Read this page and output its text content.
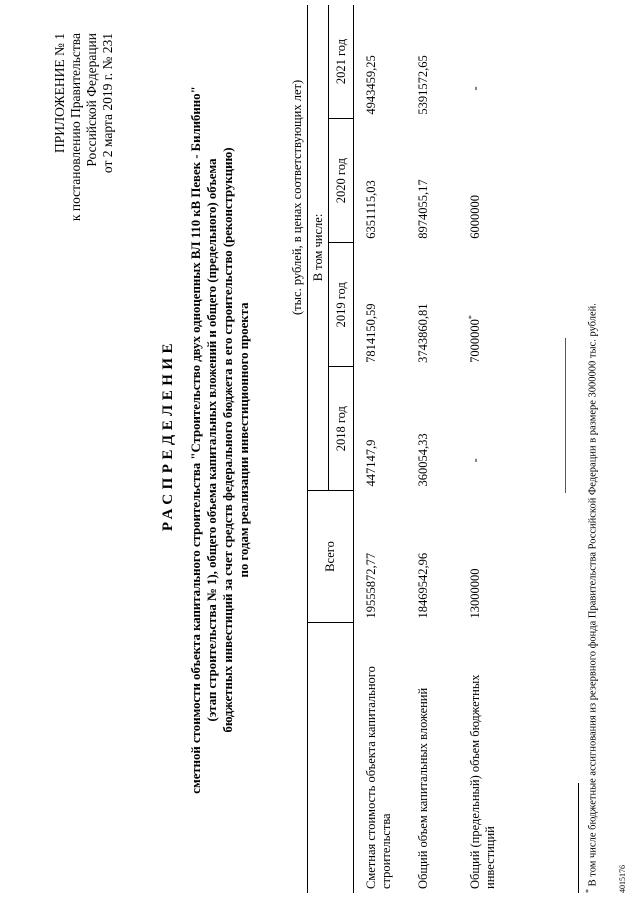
ПРИЛОЖЕНИЕ № 1 к постановлению Правительства Российской Федерации от 2 марта 2019 г. № 231
РАСПРЕДЕЛЕНИЕ сметной стоимости объекта капитального строительства "Строительство двух одноцепных ВЛ 110 кВ Певек - Билибино" (этап строительства № 1), общего объема капитальных вложений и общего (предельного) объема бюджетных инвестиций за счет средств федерального бюджета в его строительство (реконструкцию) по годам реализации инвестиционного проекта
(тыс. рублей, в ценах соответствующих лет)
	Всего	В том числе:			
		2018 год	2019 год	2020 год	2021 год
Сметная стоимость объекта капитального строительства	19555872,77	447147,9	7814150,59	6351115,03	4943459,25
Общий объем капитальных вложений	18469542,96	360054,33	3743860,81	8974055,17	5391572,65
Общий (предельный) объем бюджетных инвестиций	13000000	-	7000000*	6000000	-
* В том числе бюджетные ассигнования из резервного фонда Правительства Российской Федерации в размере 3000000 тыс. рублей. 4015176
